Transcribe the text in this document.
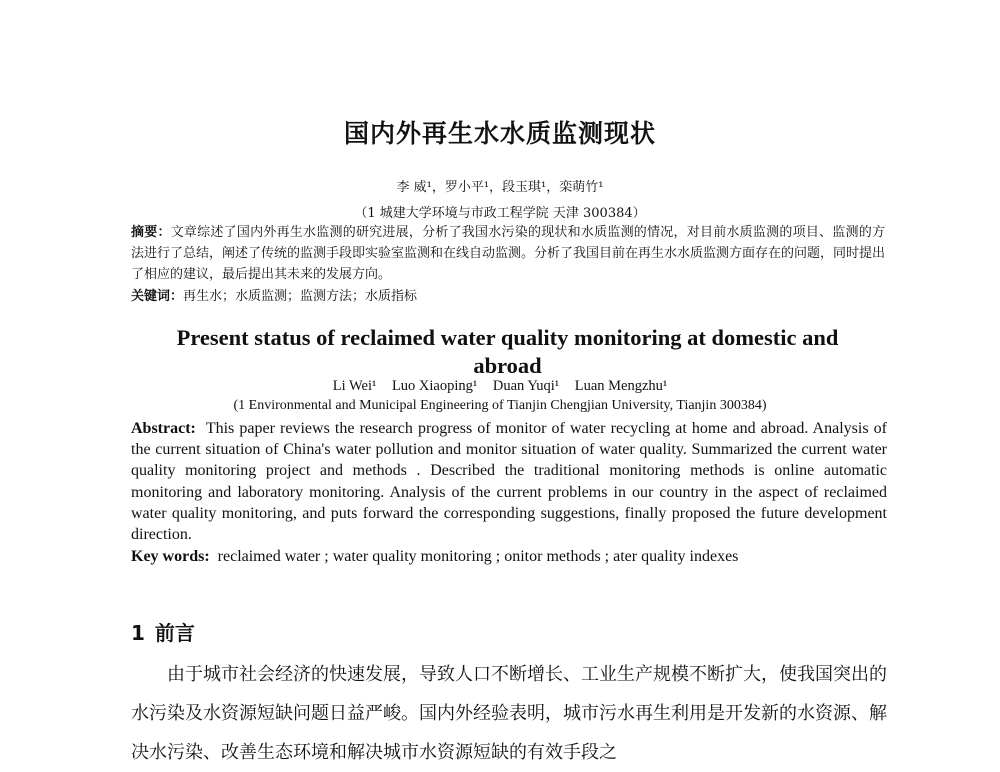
国内外再生水水质监测现状
李 威¹，罗小平¹，段玉琪¹，栾萌竹¹
（1 城建大学环境与市政工程学院 天津 300384）

摘要：文章综述了国内外再生水监测的研究进展，分析了我国水污染的现状和水质监测的情况，对目前水质监测的项目、监测的方法进行了总结，阐述了传统的监测手段即实验室监测和在线自动监测。分析了我国目前在再生水水质监测方面存在的问题，同时提出了相应的建议，最后提出其未来的发展方向。

关键词：再生水；水质监测；监测方法；水质指标

Present status of reclaimed water quality monitoring at domestic and abroad
Li Wei¹ Luo Xiaoping¹ Duan Yuqi¹ Luan Mengzhu¹
(1 Environmental and Municipal Engineering of Tianjin Chengjian University, Tianjin 300384)

Abstract: This paper reviews the research progress of monitor of water recycling at home and abroad. Analysis of the current situation of China's water pollution and monitor situation of water quality. Summarized the current water quality monitoring project and methods . Described the traditional monitoring methods is online automatic monitoring and laboratory monitoring. Analysis of the current problems in our country in the aspect of reclaimed water quality monitoring, and puts forward the corresponding suggestions, finally proposed the future development direction.

Key words: reclaimed water ; water quality monitoring ; onitor methods ; ater quality indexes

1 前言

由于城市社会经济的快速发展，导致人口不断增长、工业生产规模不断扩大，使我国突出的水污染及水资源短缺问题日益严峻。国内外经验表明，城市污水再生利用是开发新的水资源、解决水污染、改善生态环境和解决城市水资源短缺的有效手段之
